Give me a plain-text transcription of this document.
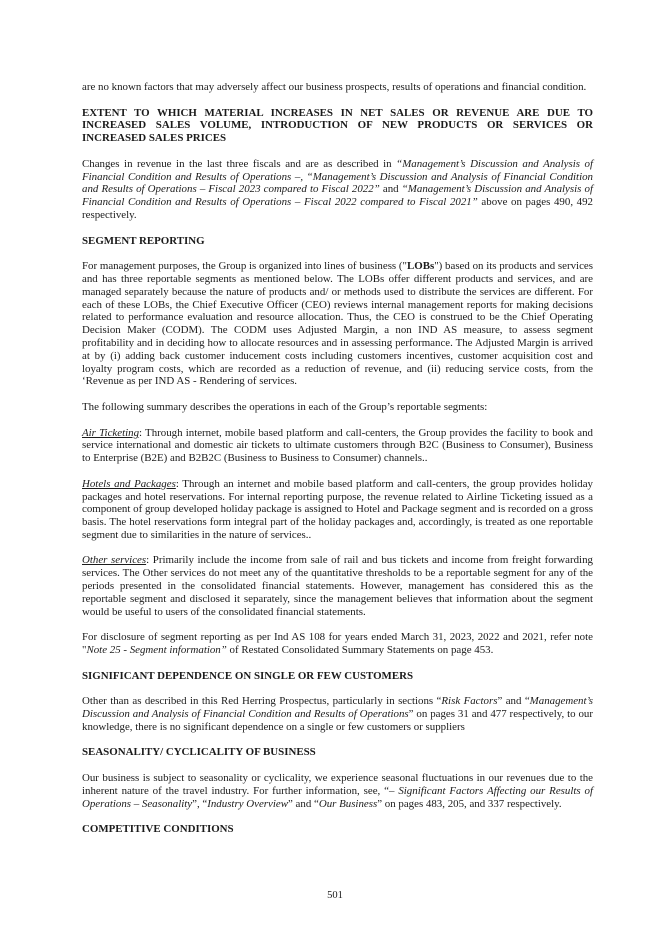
are no known factors that may adversely affect our business prospects, results of operations and financial condition.

EXTENT TO WHICH MATERIAL INCREASES IN NET SALES OR REVENUE ARE DUE TO INCREASED SALES VOLUME, INTRODUCTION OF NEW PRODUCTS OR SERVICES OR INCREASED SALES PRICES

Changes in revenue in the last three fiscals and are as described in “Management’s Discussion and Analysis of Financial Condition and Results of Operations –, “Management’s Discussion and Analysis of Financial Condition and Results of Operations – Fiscal 2023 compared to Fiscal 2022” and “Management’s Discussion and Analysis of Financial Condition and Results of Operations – Fiscal 2022 compared to Fiscal 2021” above on pages 490, 492 respectively.

SEGMENT REPORTING

For management purposes, the Group is organized into lines of business ("LOBs") based on its products and services and has three reportable segments as mentioned below. The LOBs offer different products and services, and are managed separately because the nature of products and/ or methods used to distribute the services are different. For each of these LOBs, the Chief Executive Officer (CEO) reviews internal management reports for making decisions related to performance evaluation and resource allocation. Thus, the CEO is construed to be the Chief Operating Decision Maker (CODM). The CODM uses Adjusted Margin, a non IND AS measure, to assess segment profitability and in deciding how to allocate resources and in assessing performance. The Adjusted Margin is arrived at by (i) adding back customer inducement costs including customers incentives, customer acquisition cost and loyalty program costs, which are recorded as a reduction of revenue, and (ii) reducing service costs, from the ‘Revenue as per IND AS - Rendering of services.

The following summary describes the operations in each of the Group’s reportable segments:

Air Ticketing: Through internet, mobile based platform and call-centers, the Group provides the facility to book and service international and domestic air tickets to ultimate customers through B2C (Business to Consumer), Business to Enterprise (B2E) and B2B2C (Business to Business to Consumer) channels..

Hotels and Packages: Through an internet and mobile based platform and call-centers, the group provides holiday packages and hotel reservations. For internal reporting purpose, the revenue related to Airline Ticketing issued as a component of group developed holiday package is assigned to Hotel and Package segment and is recorded on a gross basis. The hotel reservations form integral part of the holiday packages and, accordingly, is treated as one reportable segment due to similarities in the nature of services..

Other services: Primarily include the income from sale of rail and bus tickets and income from freight forwarding services. The Other services do not meet any of the quantitative thresholds to be a reportable segment for any of the periods presented in the consolidated financial statements. However, management has considered this as the reportable segment and disclosed it separately, since the management believes that information about the segment would be useful to users of the consolidated financial statements.

For disclosure of segment reporting as per Ind AS 108 for years ended March 31, 2023, 2022 and 2021, refer note "Note 25 - Segment information” of Restated Consolidated Summary Statements on page 453.

SIGNIFICANT DEPENDENCE ON SINGLE OR FEW CUSTOMERS

Other than as described in this Red Herring Prospectus, particularly in sections “Risk Factors” and “Management’s Discussion and Analysis of Financial Condition and Results of Operations” on pages 31 and 477 respectively, to our knowledge, there is no significant dependence on a single or few customers or suppliers

SEASONALITY/ CYCLICALITY OF BUSINESS

Our business is subject to seasonality or cyclicality, we experience seasonal fluctuations in our revenues due to the inherent nature of the travel industry. For further information, see, “– Significant Factors Affecting our Results of Operations – Seasonality”, “Industry Overview” and “Our Business” on pages 483, 205, and 337 respectively.

COMPETITIVE CONDITIONS
501
